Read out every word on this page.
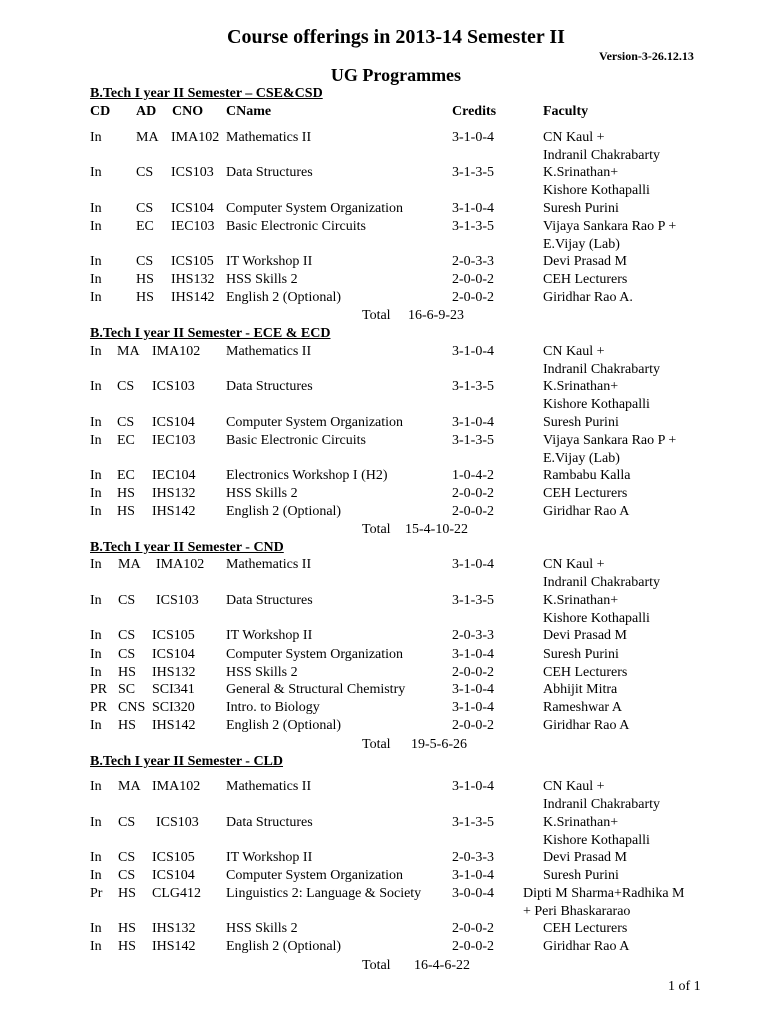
Course offerings in 2013-14 Semester II
Version-3-26.12.13
UG Programmes
B.Tech I year II Semester – CSE&CSD
CD AD CNO CName	Credits	Faculty
In MA IMA102 Mathematics II	3-1-0-4	CN Kaul +
Indranil Chakrabarty
In CS ICS103 Data Structures	3-1-3-5	K.Srinathan+
Kishore Kothapalli
In CS ICS104 Computer System Organization	3-1-0-4	Suresh Purini
In EC IEC103 Basic Electronic Circuits	3-1-3-5	Vijaya Sankara Rao P +
E.Vijay (Lab)
In CS ICS105 IT Workshop II	2-0-3-3	Devi Prasad M
In HS IHS132 HSS Skills 2	2-0-0-2	CEH Lecturers
In HS IHS142 English 2 (Optional)	2-0-0-2	Giridhar Rao A.
Total 16-6-9-23
B.Tech I year II Semester - ECE & ECD
In MA IMA102 Mathematics II	3-1-0-4	CN Kaul +
Indranil Chakrabarty
In CS ICS103 Data Structures	3-1-3-5	K.Srinathan+
Kishore Kothapalli
In CS ICS104 Computer System Organization	3-1-0-4	Suresh Purini
In EC IEC103 Basic Electronic Circuits	3-1-3-5	Vijaya Sankara Rao P +
E.Vijay (Lab)
In EC IEC104 Electronics Workshop I (H2)	1-0-4-2	Rambabu Kalla
In HS IHS132 HSS Skills 2	2-0-0-2	CEH Lecturers
In HS IHS142 English 2 (Optional)	2-0-0-2	Giridhar Rao A
Total 15-4-10-22
B.Tech I year II Semester - CND
In MA IMA102 Mathematics II	3-1-0-4	CN Kaul +
Indranil Chakrabarty
In CS ICS103 Data Structures	3-1-3-5	K.Srinathan+
Kishore Kothapalli
In CS ICS105 IT Workshop II	2-0-3-3	Devi Prasad M
In CS ICS104 Computer System Organization	3-1-0-4	Suresh Purini
In HS IHS132 HSS Skills 2	2-0-0-2	CEH Lecturers
PR SC SCI341 General & Structural Chemistry	3-1-0-4	Abhijit Mitra
PR CNS SCI320 Intro. to Biology	3-1-0-4	Rameshwar A
In HS IHS142 English 2 (Optional)	2-0-0-2	Giridhar Rao A
Total 19-5-6-26
B.Tech I year II Semester - CLD
In MA IMA102 Mathematics II	3-1-0-4	CN Kaul +
Indranil Chakrabarty
In CS ICS103 Data Structures	3-1-3-5	K.Srinathan+
Kishore Kothapalli
In CS ICS105 IT Workshop II	2-0-3-3	Devi Prasad M
In CS ICS104 Computer System Organization	3-1-0-4	Suresh Purini
Pr HS CLG412 Linguistics 2: Language & Society 3-0-0-4 Dipti M Sharma+Radhika M
+ Peri Bhaskararao
In HS IHS132 HSS Skills 2	2-0-0-2	CEH Lecturers
In HS IHS142 English 2 (Optional)	2-0-0-2	Giridhar Rao A
Total 16-4-6-22
1 of 1
